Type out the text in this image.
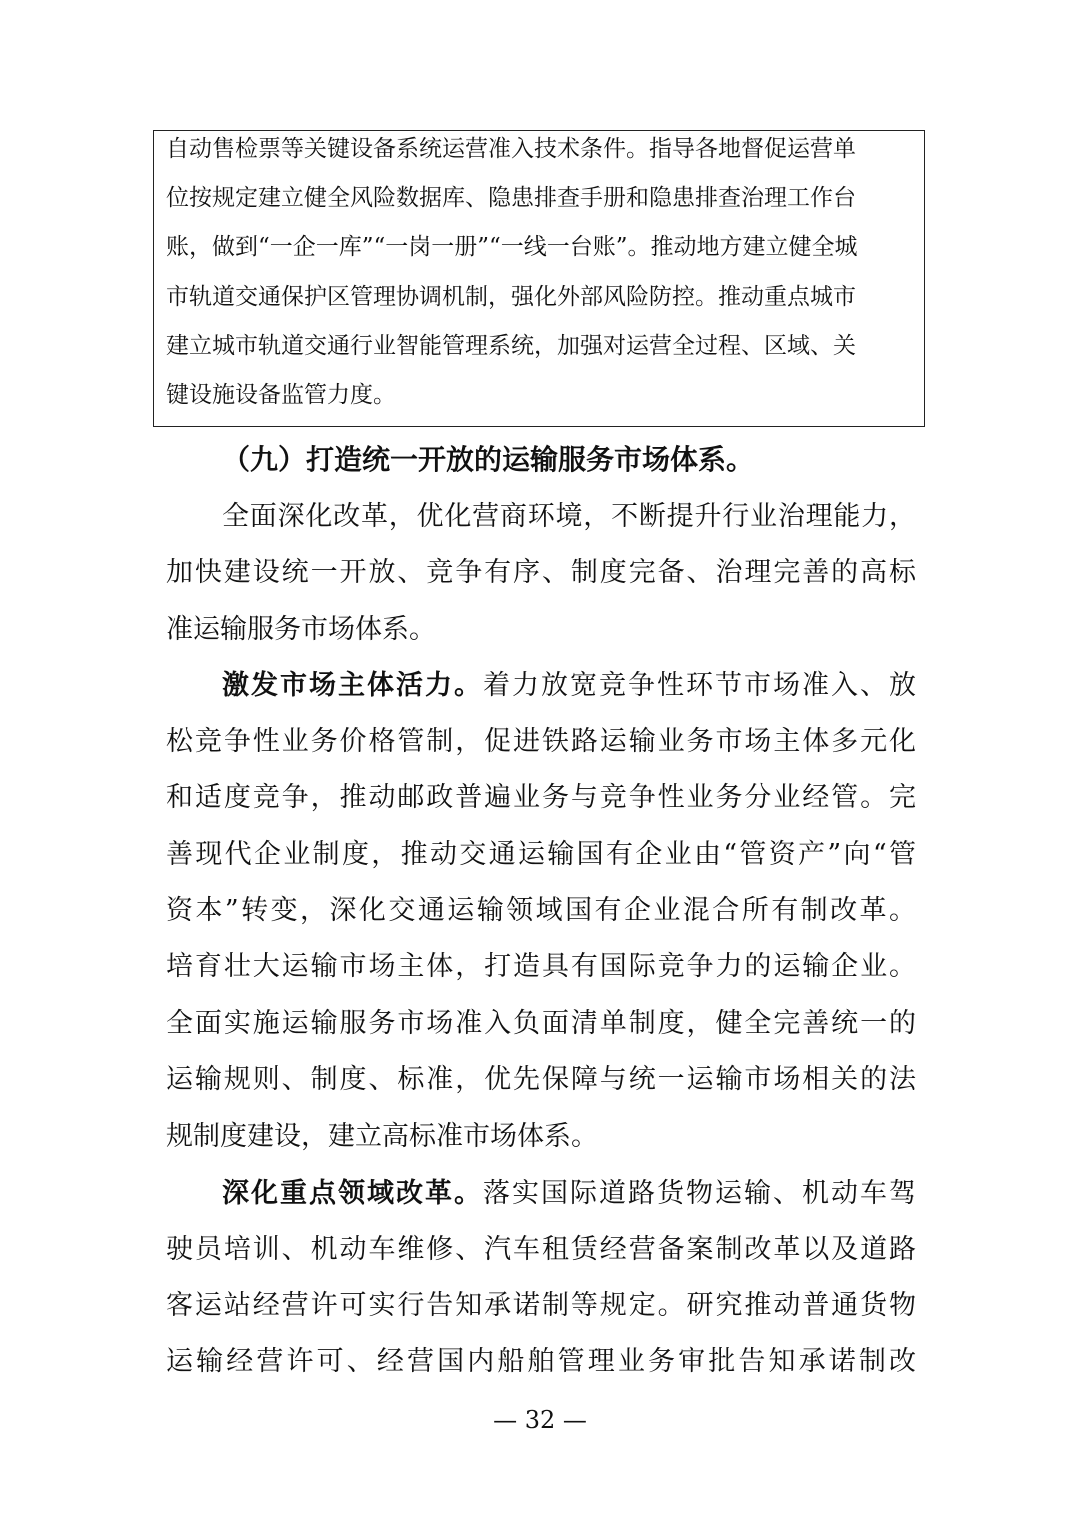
自动售检票等关键设备系统运营准入技术条件。指导各地督促运营单
位按规定建立健全风险数据库、隐患排查手册和隐患排查治理工作台
账，做到“一企一库”“一岗一册”“一线一台账”。推动地方建立健全城
市轨道交通保护区管理协调机制，强化外部风险防控。推动重点城市
建立城市轨道交通行业智能管理系统，加强对运营全过程、区域、关
键设施设备监管力度。
（九）打造统一开放的运输服务市场体系。
全面深化改革，优化营商环境，不断提升行业治理能力，
加快建设统一开放、竞争有序、制度完备、治理完善的高标
准运输服务市场体系。
激发市场主体活力。着力放宽竞争性环节市场准入、放
松竞争性业务价格管制，促进铁路运输业务市场主体多元化
和适度竞争，推动邮政普遍业务与竞争性业务分业经管。完
善现代企业制度，推动交通运输国有企业由“管资产”向“管
资本”转变，深化交通运输领域国有企业混合所有制改革。
培育壮大运输市场主体，打造具有国际竞争力的运输企业。
全面实施运输服务市场准入负面清单制度，健全完善统一的
运输规则、制度、标准，优先保障与统一运输市场相关的法
规制度建设，建立高标准市场体系。
深化重点领域改革。落实国际道路货物运输、机动车驾
驶员培训、机动车维修、汽车租赁经营备案制改革以及道路
客运站经营许可实行告知承诺制等规定。研究推动普通货物
运输经营许可、经营国内船舶管理业务审批告知承诺制改
— 32 —
